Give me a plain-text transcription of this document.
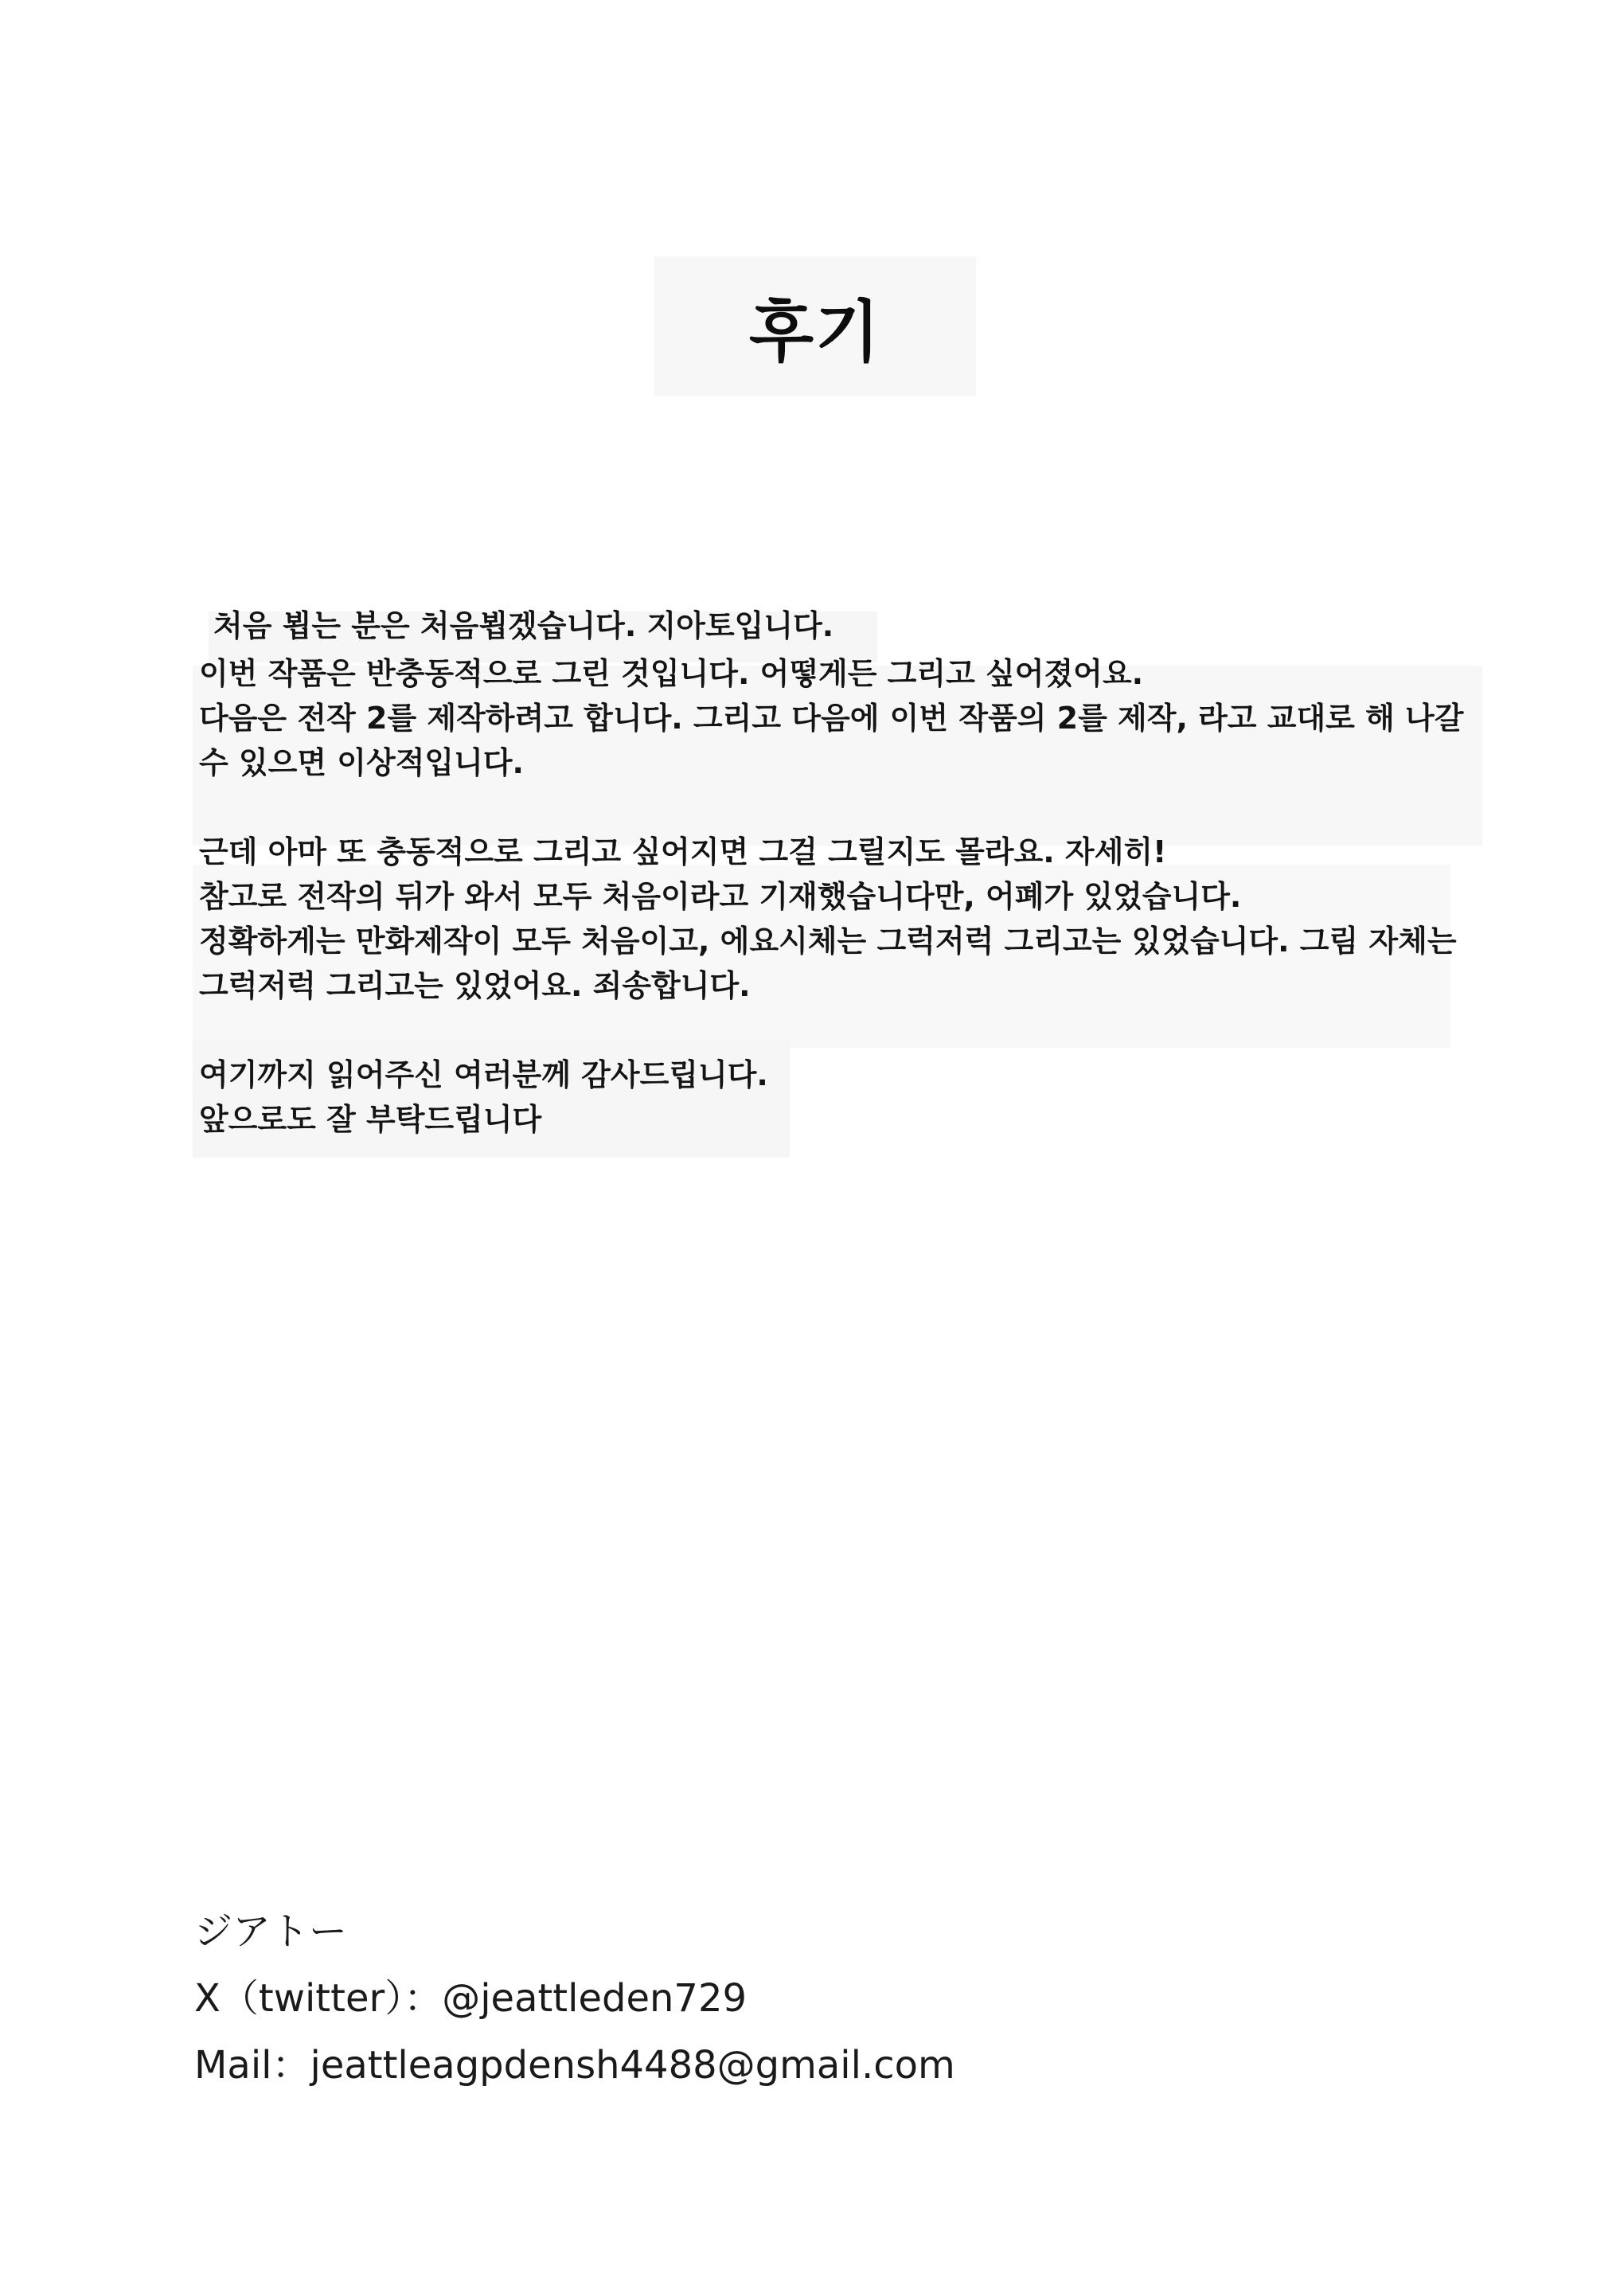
후기
처음 뵙는 분은 처음뵙겠습니다. 지아토입니다.
이번 작품은 반충동적으로 그린 것입니다. 어떻게든 그리고 싶어졌어요.
다음은 전작 2를 제작하려고 합니다. 그리고 다음에 이번 작품의 2를 제작, 라고 교대로 해 나갈
수 있으면 이상적입니다.
근데 아마 또 충동적으로 그리고 싶어지면 그걸 그릴지도 몰라요. 자세히!
참고로 전작의 뒤가 와서 모두 처음이라고 기재했습니다만, 어폐가 있었습니다.
정확하게는 만화제작이 모두 처음이고, 에요시체는 그럭저럭 그리고는 있었습니다. 그림 자체는
그럭저럭 그리고는 있었어요. 죄송합니다.
여기까지 읽어주신 여러분께 감사드립니다.
앞으로도 잘 부탁드립니다
ジアトー
X（twitter）：@jeattleden729
Mail：jeattleagpdensh4488@gmail.com
